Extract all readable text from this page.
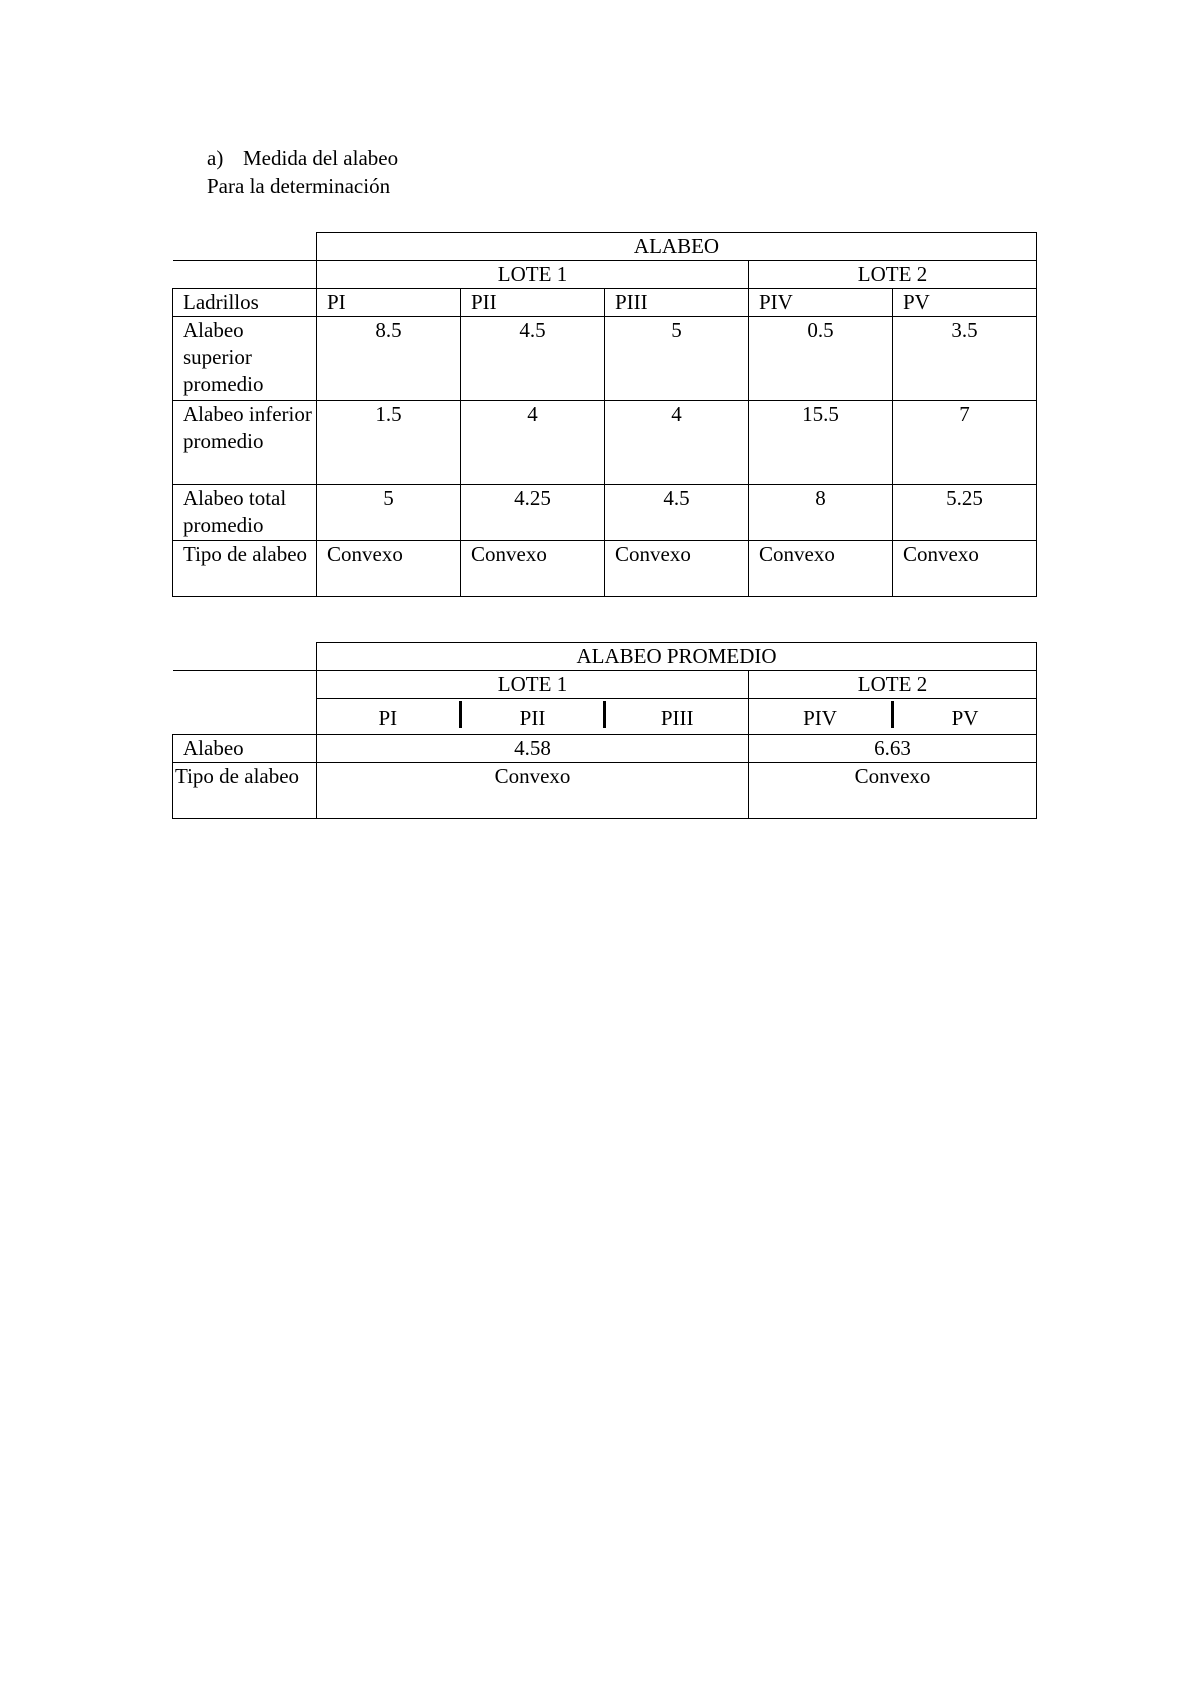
a) Medida del alabeo
Para la determinación
	ALABEO				
	LOTE 1			LOTE 2	
Ladrillos	PI	PII	PIII	PIV	PV
Alabeo superior promedio	8.5	4.5	5	0.5	3.5
Alabeo inferior promedio	1.5	4	4	15.5	7
Alabeo total promedio	5	4.25	4.5	8	5.25
Tipo de alabeo	Convexo	Convexo	Convexo	Convexo	Convexo
	ALABEO PROMEDIO	
	LOTE 1	LOTE 2

	PI PII PIII	PIV PV

Alabeo	4.58	6.63
Tipo de alabeo	Convexo	Convexo
